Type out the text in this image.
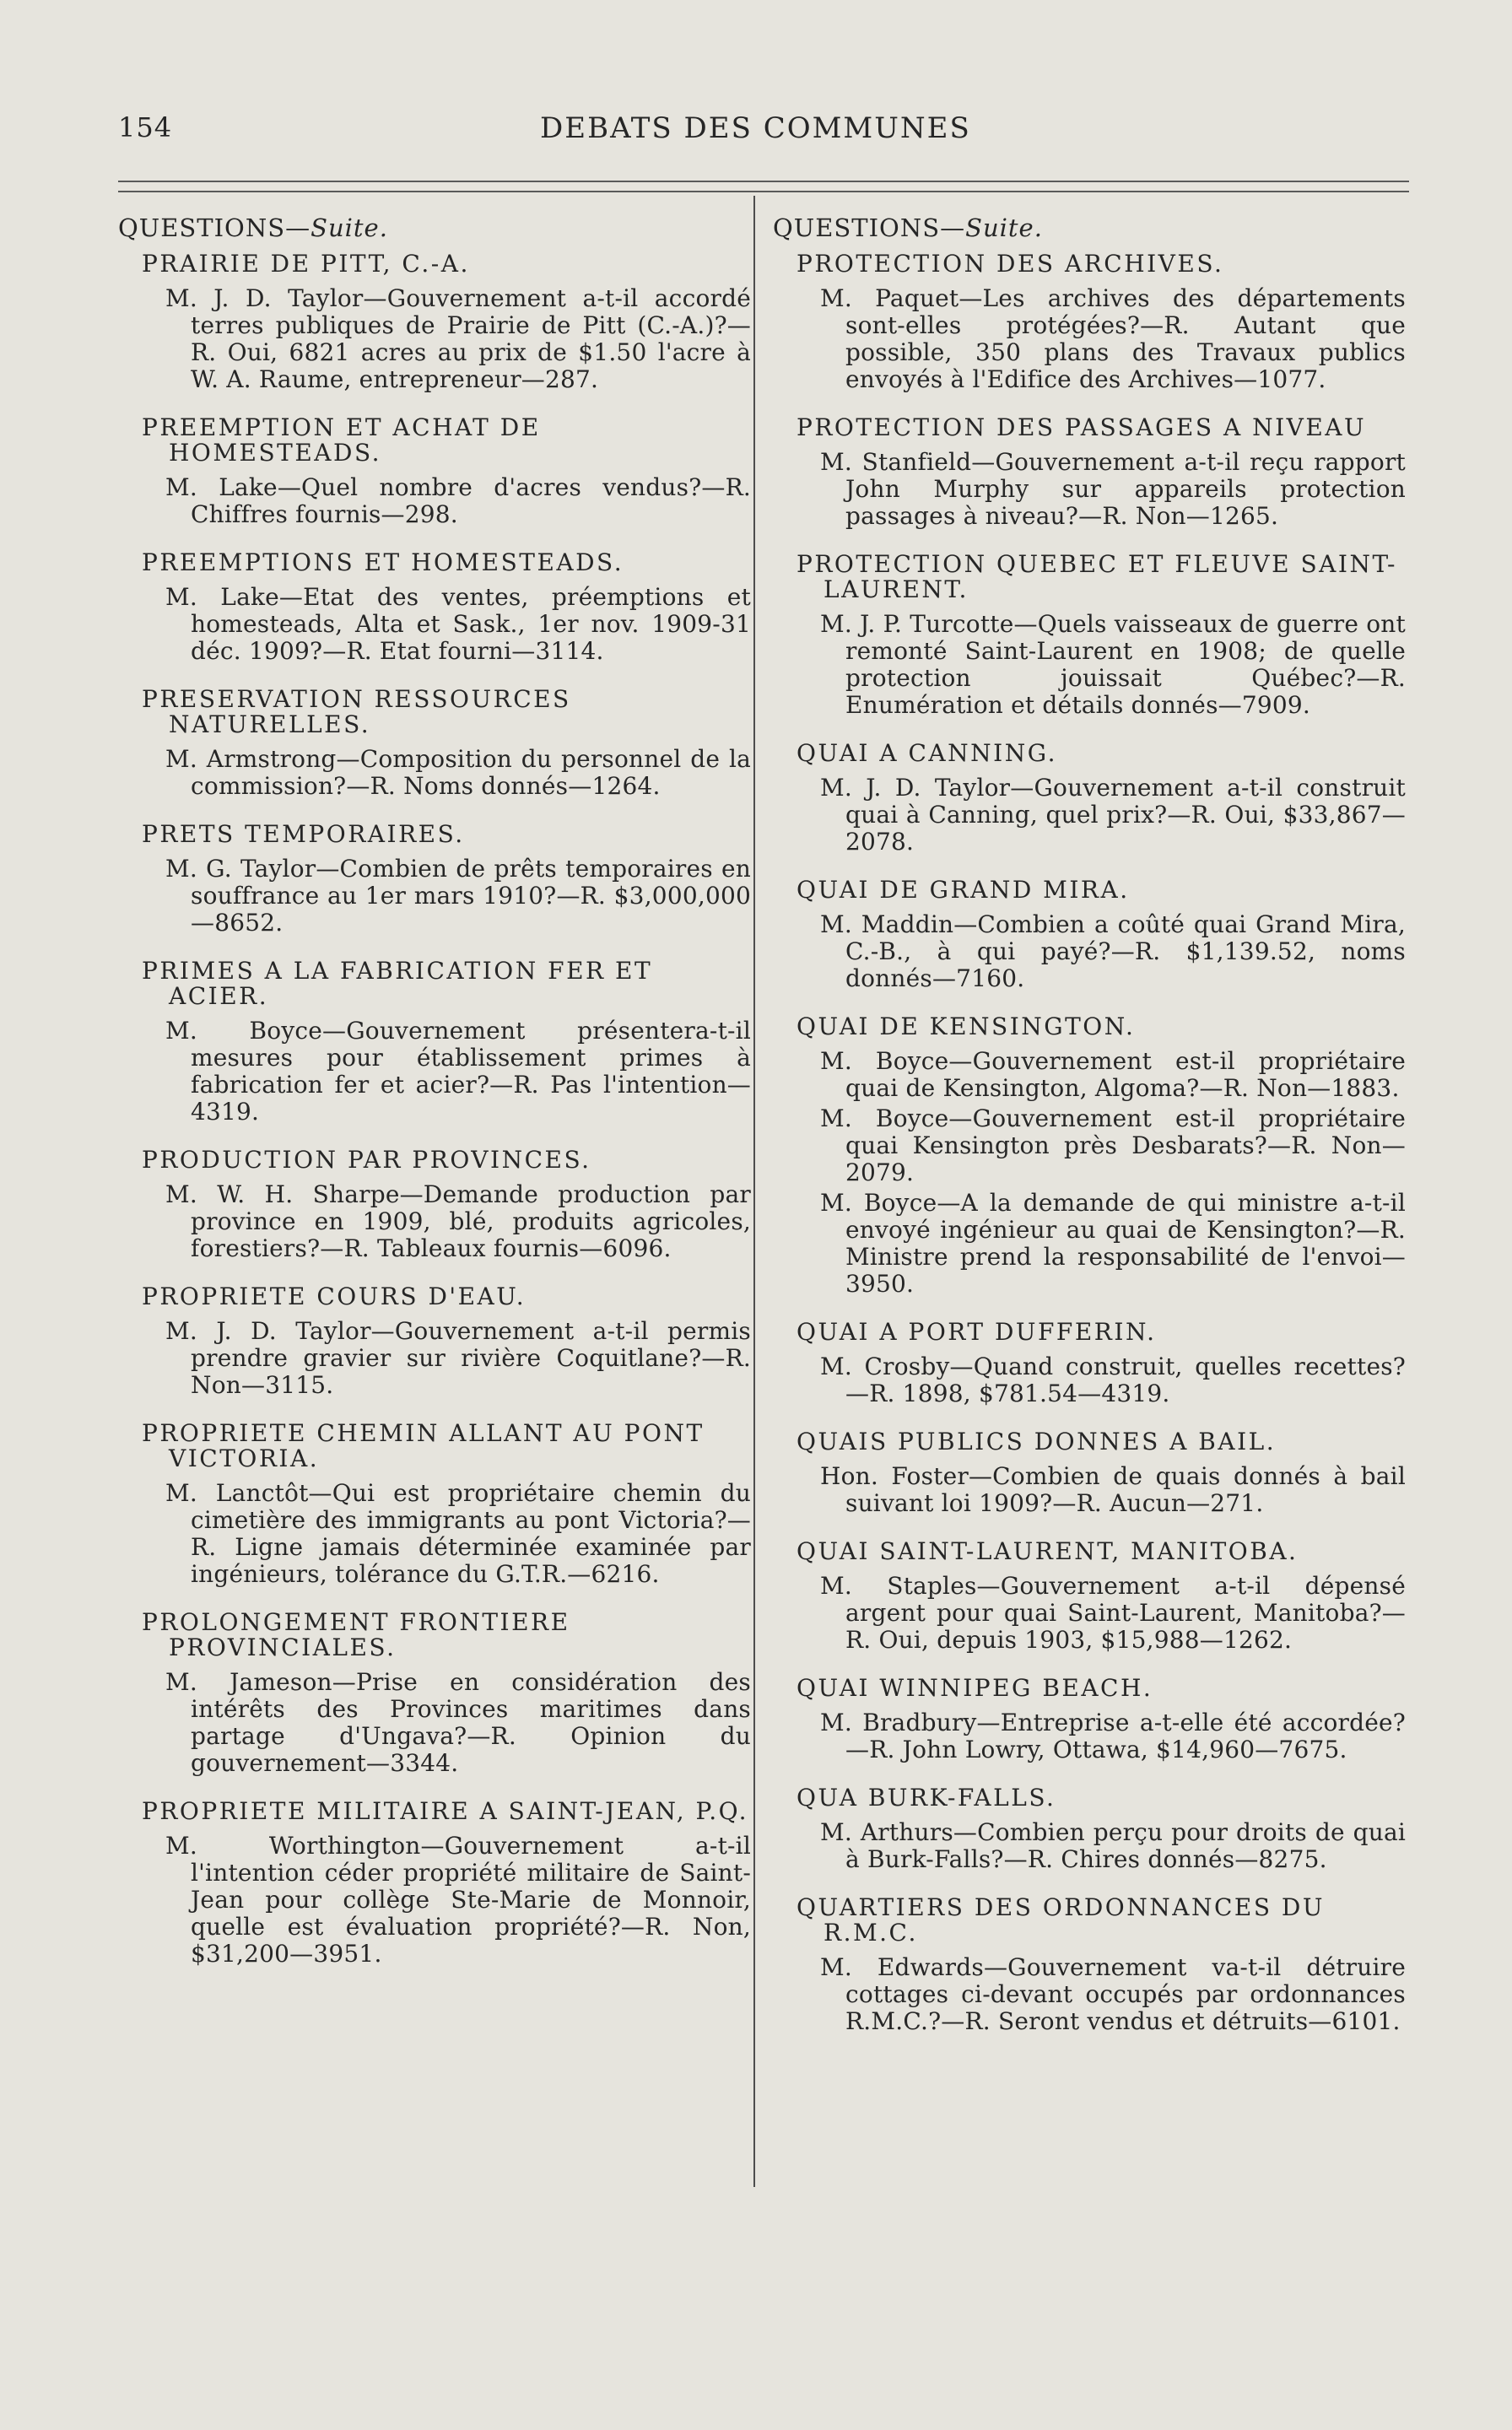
154	DEBATS DES COMMUNES
QUESTIONS—Suite.
PRAIRIE DE PITT, C.-A.
M. J. D. Taylor—Gouvernement a-t-il accordé terres publiques de Prairie de Pitt (C.-A.)?—R. Oui, 6821 acres au prix de $1.50 l'acre à W. A. Raume, entrepreneur—287.
PREEMPTION ET ACHAT DE HOMESTEADS.
M. Lake—Quel nombre d'acres vendus?—R. Chiffres fournis—298.
PREEMPTIONS ET HOMESTEADS.
M. Lake—Etat des ventes, préemptions et homesteads, Alta et Sask., 1er nov. 1909-31 déc. 1909?—R. Etat fourni—3114.
PRESERVATION RESSOURCES NATURELLES.
M. Armstrong—Composition du personnel de la commission?—R. Noms donnés—1264.
PRETS TEMPORAIRES.
M. G. Taylor—Combien de prêts temporaires en souffrance au 1er mars 1910?—R. $3,000,000—8652.
PRIMES A LA FABRICATION FER ET ACIER.
M. Boyce—Gouvernement présentera-t-il mesures pour établissement primes à fabrication fer et acier?—R. Pas l'intention—4319.
PRODUCTION PAR PROVINCES.
M. W. H. Sharpe—Demande production par province en 1909, blé, produits agricoles, forestiers?—R. Tableaux fournis—6096.
PROPRIETE COURS D'EAU.
M. J. D. Taylor—Gouvernement a-t-il permis prendre gravier sur rivière Coquitlane?—R. Non—3115.
PROPRIETE CHEMIN ALLANT AU PONT VICTORIA.
M. Lanctôt—Qui est propriétaire chemin du cimetière des immigrants au pont Victoria?—R. Ligne jamais déterminée examinée par ingénieurs, tolérance du G.T.R.—6216.
PROLONGEMENT FRONTIERE PROVINCIALES.
M. Jameson—Prise en considération des intérêts des Provinces maritimes dans partage d'Ungava?—R. Opinion du gouvernement—3344.
PROPRIETE MILITAIRE A SAINT-JEAN, P.Q.
M. Worthington—Gouvernement a-t-il l'intention céder propriété militaire de Saint-Jean pour collège Ste-Marie de Monnoir, quelle est évaluation propriété?—R. Non, $31,200—3951.
QUESTIONS—Suite.
PROTECTION DES ARCHIVES.
M. Paquet—Les archives des départements sont-elles protégées?—R. Autant que possible, 350 plans des Travaux publics envoyés à l'Edifice des Archives—1077.
PROTECTION DES PASSAGES A NIVEAU
M. Stanfield—Gouvernement a-t-il reçu rapport John Murphy sur appareils protection passages à niveau?—R. Non—1265.
PROTECTION QUEBEC ET FLEUVE SAINT-LAURENT.
M. J. P. Turcotte—Quels vaisseaux de guerre ont remonté Saint-Laurent en 1908; de quelle protection jouissait Québec?—R. Enumération et détails donnés—7909.
QUAI A CANNING.
M. J. D. Taylor—Gouvernement a-t-il construit quai à Canning, quel prix?—R. Oui, $33,867—2078.
QUAI DE GRAND MIRA.
M. Maddin—Combien a coûté quai Grand Mira, C.-B., à qui payé?—R. $1,139.52, noms donnés—7160.
QUAI DE KENSINGTON.
M. Boyce—Gouvernement est-il propriétaire quai de Kensington, Algoma?—R. Non—1883.
M. Boyce—Gouvernement est-il propriétaire quai Kensington près Desbarats?—R. Non—2079.
M. Boyce—A la demande de qui ministre a-t-il envoyé ingénieur au quai de Kensington?—R. Ministre prend la responsabilité de l'envoi—3950.
QUAI A PORT DUFFERIN.
M. Crosby—Quand construit, quelles recettes?—R. 1898, $781.54—4319.
QUAIS PUBLICS DONNES A BAIL.
Hon. Foster—Combien de quais donnés à bail suivant loi 1909?—R. Aucun—271.
QUAI SAINT-LAURENT, MANITOBA.
M. Staples—Gouvernement a-t-il dépensé argent pour quai Saint-Laurent, Manitoba?—R. Oui, depuis 1903, $15,988—1262.
QUAI WINNIPEG BEACH.
M. Bradbury—Entreprise a-t-elle été accordée?—R. John Lowry, Ottawa, $14,960—7675.
QUA BURK-FALLS.
M. Arthurs—Combien perçu pour droits de quai à Burk-Falls?—R. Chires donnés—8275.
QUARTIERS DES ORDONNANCES DU R.M.C.
M. Edwards—Gouvernement va-t-il détruire cottages ci-devant occupés par ordonnances R.M.C.?—R. Seront vendus et détruits—6101.
